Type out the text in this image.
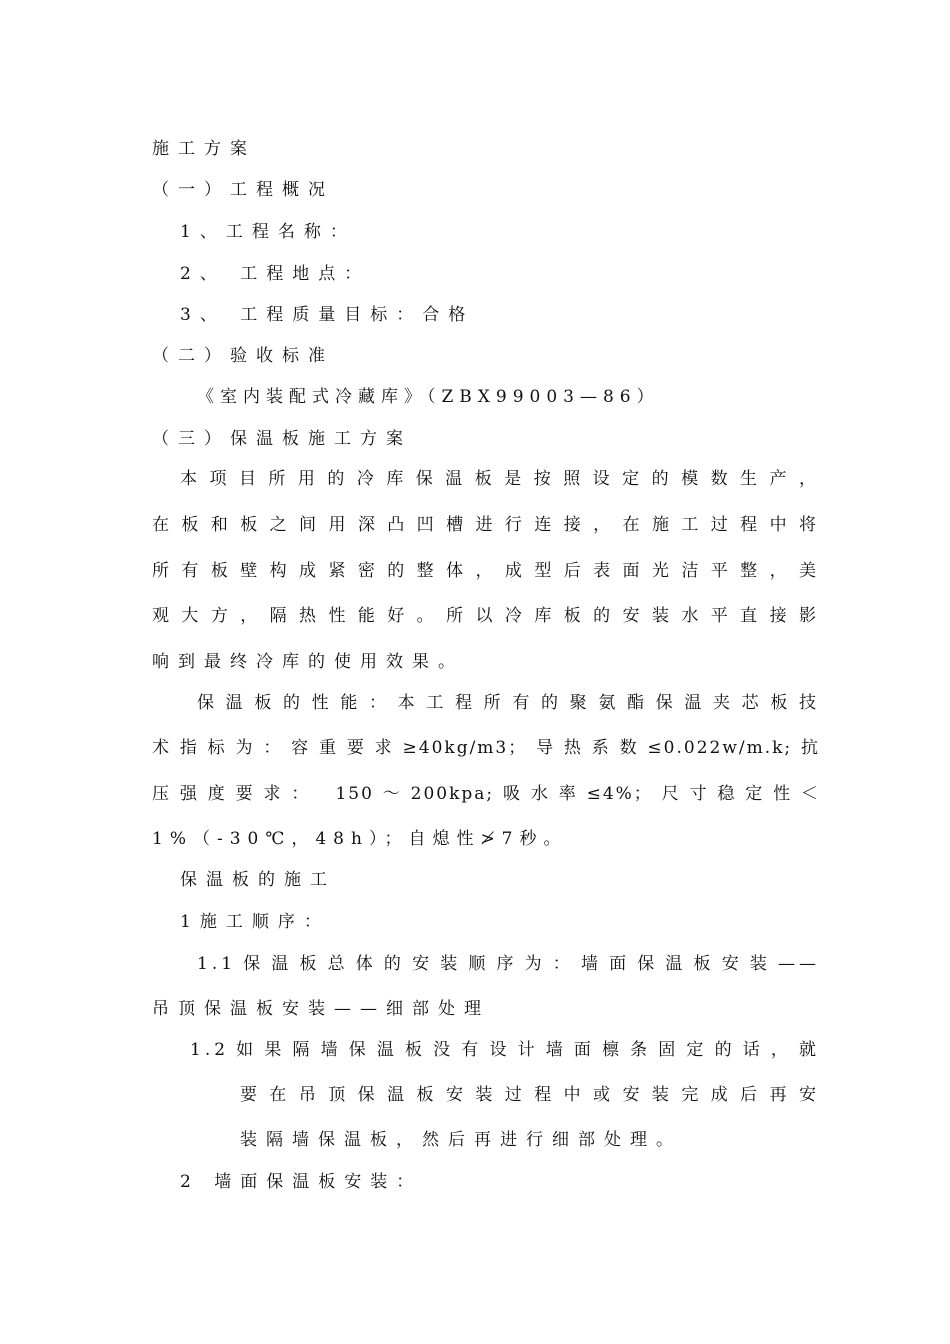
施工方案
（一）工程概况
1、工程名称：
2、 工程地点：
3、 工程质量目标：合格
（二）验收标准
《室内装配式冷藏库》（ZBX99003—86）
（三）保温板施工方案
本项目所用的冷库保温板是按照设定的模数生产，
在板和板之间用深凸凹槽进行连接，在施工过程中将
所有板壁构成紧密的整体，成型后表面光洁平整，美
观大方，隔热性能好。所以冷库板的安装水平直接影
响到最终冷库的使用效果。
保温板的性能：本工程所有的聚氨酯保温夹芯板技
术指标为：容重要求≥40kg/m3；导热系数≤0.022w/m.k;抗
压强度要求： 150～200kpa;吸水率≤4%；尺寸稳定性＜
1%（-30℃，48h）；自熄性≯7秒。
保温板的施工
1施工顺序：
1.1保温板总体的安装顺序为：墙面保温板安装——
吊顶保温板安装——细部处理
1.2如果隔墙保温板没有设计墙面檩条固定的话，就
要在吊顶保温板安装过程中或安装完成后再安
装隔墙保温板，然后再进行细部处理。
2 墙面保温板安装：
